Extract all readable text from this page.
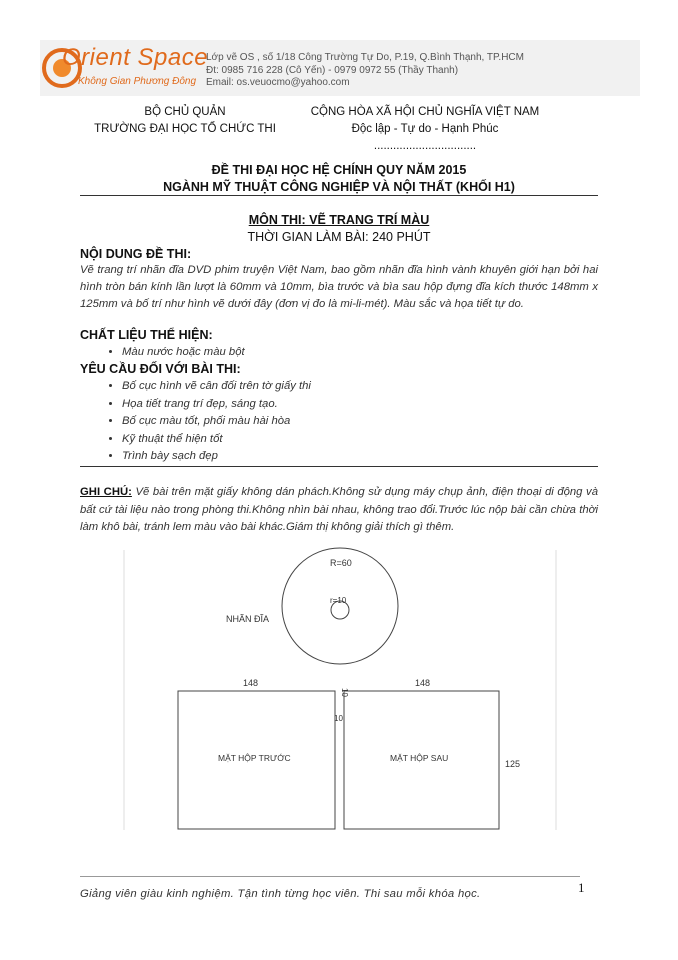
Orient Space
Không Gian Phương Đông
Lớp vẽ OS , số 1/18 Công Trường Tự Do, P.19, Q.Bình Thạnh, TP.HCM
Đt: 0985 716 228 (Cô Yến) - 0979 0972 55 (Thầy Thanh)
Email: os.veuocmo@yahoo.com
BỘ CHỦ QUẢN
TRƯỜNG ĐẠI HỌC TỔ CHỨC THI
CỘNG HÒA XÃ HỘI CHỦ NGHĨA VIỆT NAM
Độc lập - Tự do - Hạnh Phúc
................................
ĐỀ THI ĐẠI HỌC HỆ CHÍNH QUY NĂM 2015
NGÀNH MỸ THUẬT CÔNG NGHIỆP VÀ NỘI THẤT (KHỐI H1)
MÔN THI: VẼ TRANG TRÍ MÀU
THỜI GIAN LÀM BÀI: 240 PHÚT
NỘI DUNG ĐỀ THI:
Vẽ trang trí nhãn đĩa DVD phim truyện Việt Nam, bao gồm nhãn đĩa hình vành khuyên giới hạn bởi hai hình tròn bán kính lần lượt là 60mm và 10mm, bìa trước và bìa sau hộp đựng đĩa kích thước 148mm x 125mm và bố trí như hình vẽ dưới đây (đơn vị đo là mi-li-mét). Màu sắc và họa tiết tự do.
CHẤT LIỆU THỂ HIỆN:
• Màu nước hoặc màu bột
YÊU CẦU ĐỐI VỚI BÀI THI:
• Bố cục hình vẽ cân đối trên tờ giấy thi
• Họa tiết trang trí đẹp, sáng tạo.
• Bố cục màu tốt, phối màu hài hòa
• Kỹ thuật thể hiện tốt
• Trình bày sạch đẹp
GHI CHÚ: Vẽ bài trên mặt giấy không dán phách.Không sử dụng máy chụp ảnh, điện thoại di động và bất cứ tài liệu nào trong phòng thi.Không nhìn bài nhau, không trao đổi.Trước lúc nộp bài cần chừa thời làm khô bài, tránh lem màu vào bài khác.Giám thị không giải thích gì thêm.
R=60
r=10
NHÃN ĐĨA
10
148	148
10
MẶT HỘP TRƯỚC	MẶT HỘP SAU
125
Giảng viên giàu kinh nghiệm. Tận tình từng học viên. Thi sau mỗi khóa học.	1
